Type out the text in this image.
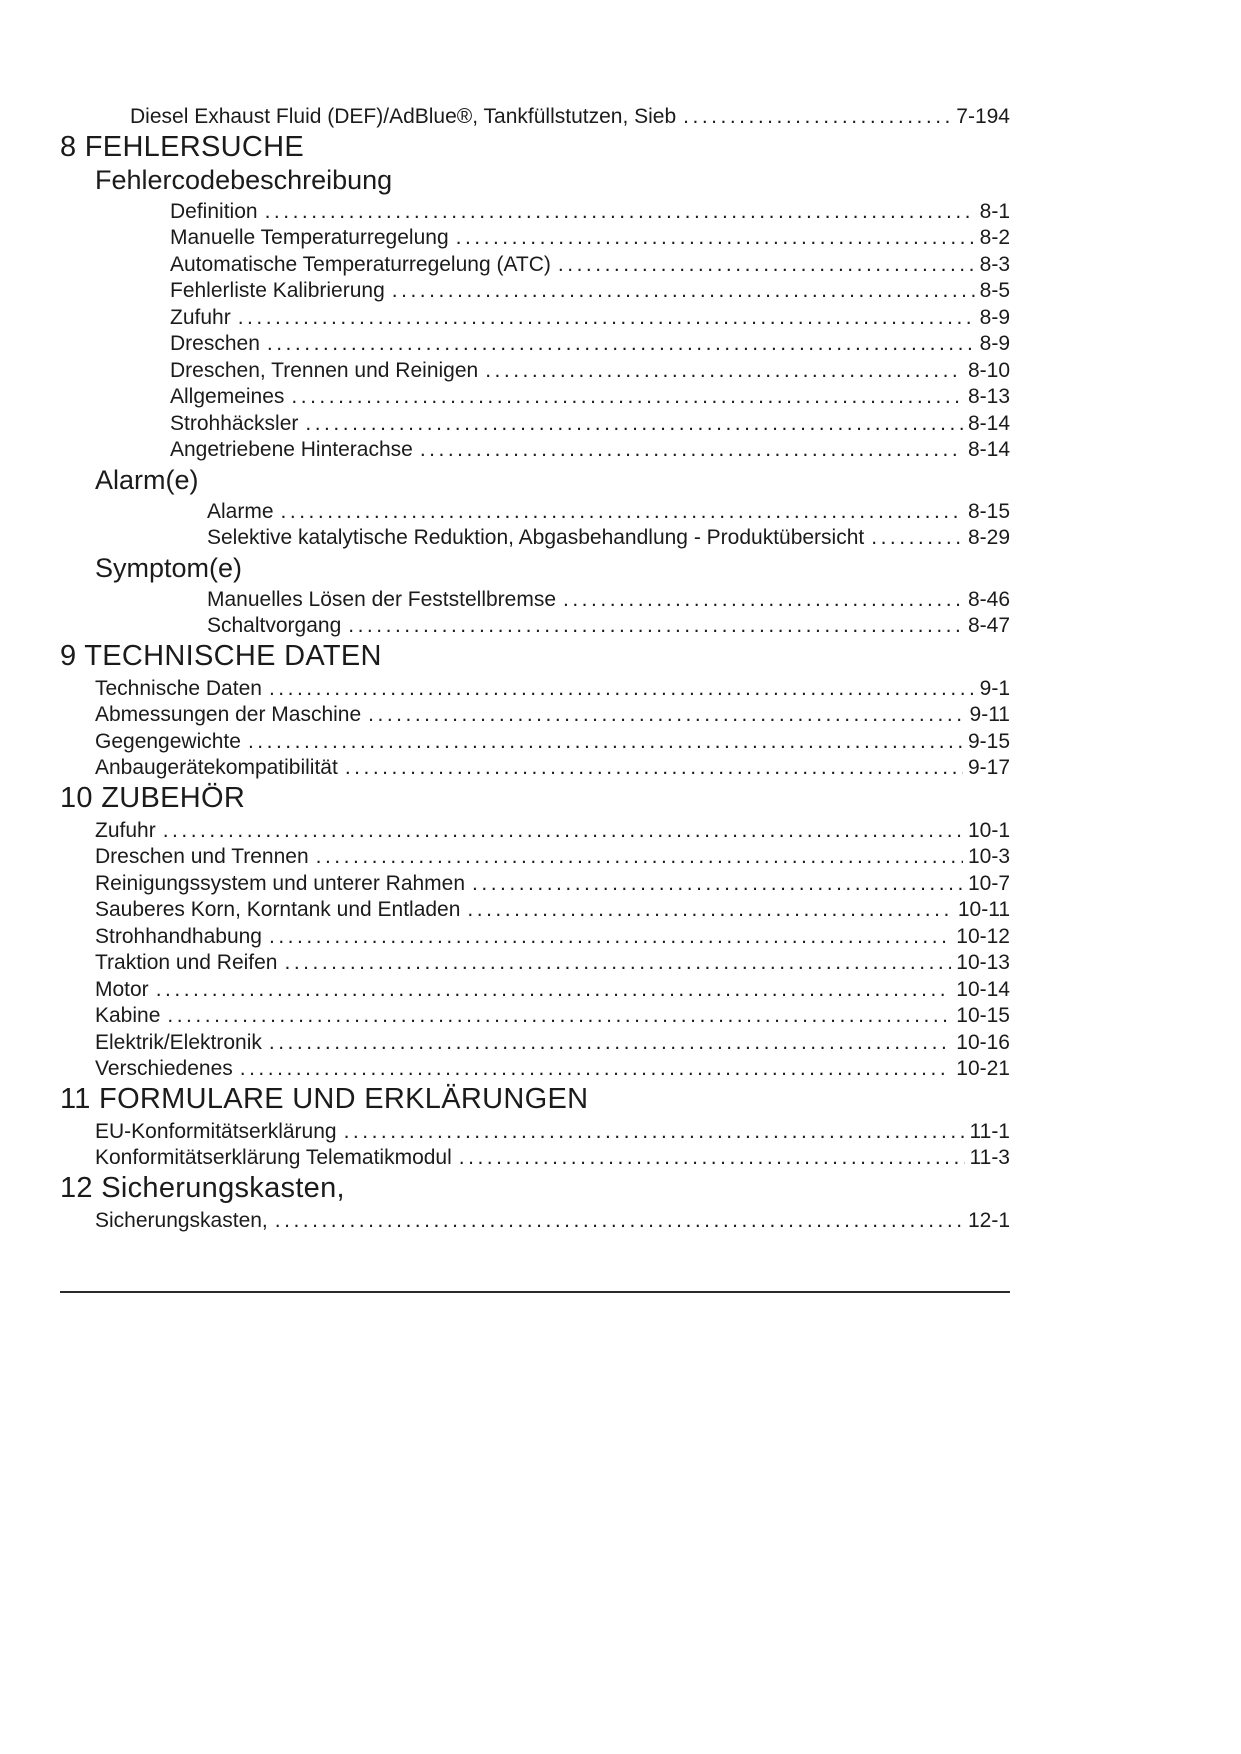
Diesel Exhaust Fluid (DEF)/AdBlue®, Tankfüllstutzen, Sieb .....	7-194
8 FEHLERSUCHE
Fehlercodebeschreibung
Definition .....	8-1
Manuelle Temperaturregelung .....	8-2
Automatische Temperaturregelung (ATC) .....	8-3
Fehlerliste Kalibrierung .....	8-5
Zufuhr .....	8-9
Dreschen .....	8-9
Dreschen, Trennen und Reinigen .....	8-10
Allgemeines .....	8-13
Strohhäcksler .....	8-14
Angetriebene Hinterachse .....	8-14
Alarm(e)
Alarme .....	8-15
Selektive katalytische Reduktion, Abgasbehandlung - Produktübersicht .....	8-29
Symptom(e)
Manuelles Lösen der Feststellbremse .....	8-46
Schaltvorgang .....	8-47
9 TECHNISCHE DATEN
Technische Daten .....	9-1
Abmessungen der Maschine .....	9-11
Gegengewichte .....	9-15
Anbaugerätekompatibilität .....	9-17
10 ZUBEHÖR
Zufuhr .....	10-1
Dreschen und Trennen .....	10-3
Reinigungssystem und unterer Rahmen .....	10-7
Sauberes Korn, Korntank und Entladen .....	10-11
Strohhandhabung .....	10-12
Traktion und Reifen .....	10-13
Motor .....	10-14
Kabine .....	10-15
Elektrik/Elektronik .....	10-16
Verschiedenes .....	10-21
11 FORMULARE UND ERKLÄRUNGEN
EU-Konformitätserklärung .....	11-1
Konformitätserklärung Telematikmodul .....	11-3
12 Sicherungskasten,
Sicherungskasten, .....	12-1
